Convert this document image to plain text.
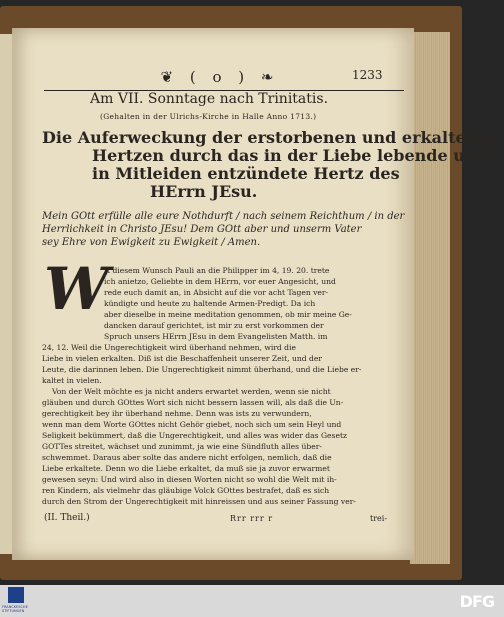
❦ ( o ) ❧	1233
Am VII. Sonntage nach Trinitatis.
(Gehalten in der Ulrichs-Kirche in Halle Anno 1713.)
Die Auferweckung der erstorbenen und erkalteten
Hertzen durch das in der Liebe lebende und
in Mitleiden entzündete Hertz des
HErrn JEsu.
Mein GOtt erfülle alle eure Nothdurft / nach seinem Reichthum / in der
Herrlichkeit in Christo JEsu! Dem GOtt aber und unserm Vater
sey Ehre von Ewigkeit zu Ewigkeit / Amen.
W
It diesem Wunsch Pauli an die Philipper im 4, 19. 20. trete
ich anietzo, Geliebte in dem HErrn, vor euer Angesicht, und
rede euch damit an, in Absicht auf die vor acht Tagen ver-
kündigte und heute zu haltende Armen-Predigt. Da ich
aber dieselbe in meine meditation genommen, ob mir meine Ge-
dancken darauf gerichtet, ist mir zu erst vorkommen der
Spruch unsers HErrn JEsu in dem Evangelisten Matth. im
24, 12. Weil die Ungerechtigkeit wird überhand nehmen, wird die
Liebe in vielen erkalten. Diß ist die Beschaffenheit unserer Zeit, und der
Leute, die darinnen leben. Die Ungerechtigkeit nimmt überhand, und die Liebe er-
kaltet in vielen.
Von der Welt möchte es ja nicht anders erwartet werden, wenn sie nicht
gläuben und durch GOttes Wort sich nicht bessern lassen will, als daß die Un-
gerechtigkeit bey ihr überhand nehme. Denn was ists zu verwundern,
wenn man dem Worte GOttes nicht Gehör giebet, noch sich um sein Heyl und
Seligkeit bekümmert, daß die Ungerechtigkeit, und alles was wider das Gesetz
GOTTes streitet, wächset und zunimmt, ja wie eine Sündfluth alles über-
schwemmet. Daraus aber solte das andere nicht erfolgen, nemlich, daß die
Liebe erkaltete. Denn wo die Liebe erkaltet, da muß sie ja zuvor erwarmet
gewesen seyn: Und wird also in diesen Worten nicht so wohl die Welt mit ih-
ren Kindern, als vielmehr das gläubige Volck GOttes bestrafet, daß es sich
durch den Strom der Ungerechtigkeit mit hinreissen und aus seiner Fassung ver-
(II. Theil.)	Rrr rrr r	trei-
FRANCKESCHE
STIFTUNGEN	DFG
